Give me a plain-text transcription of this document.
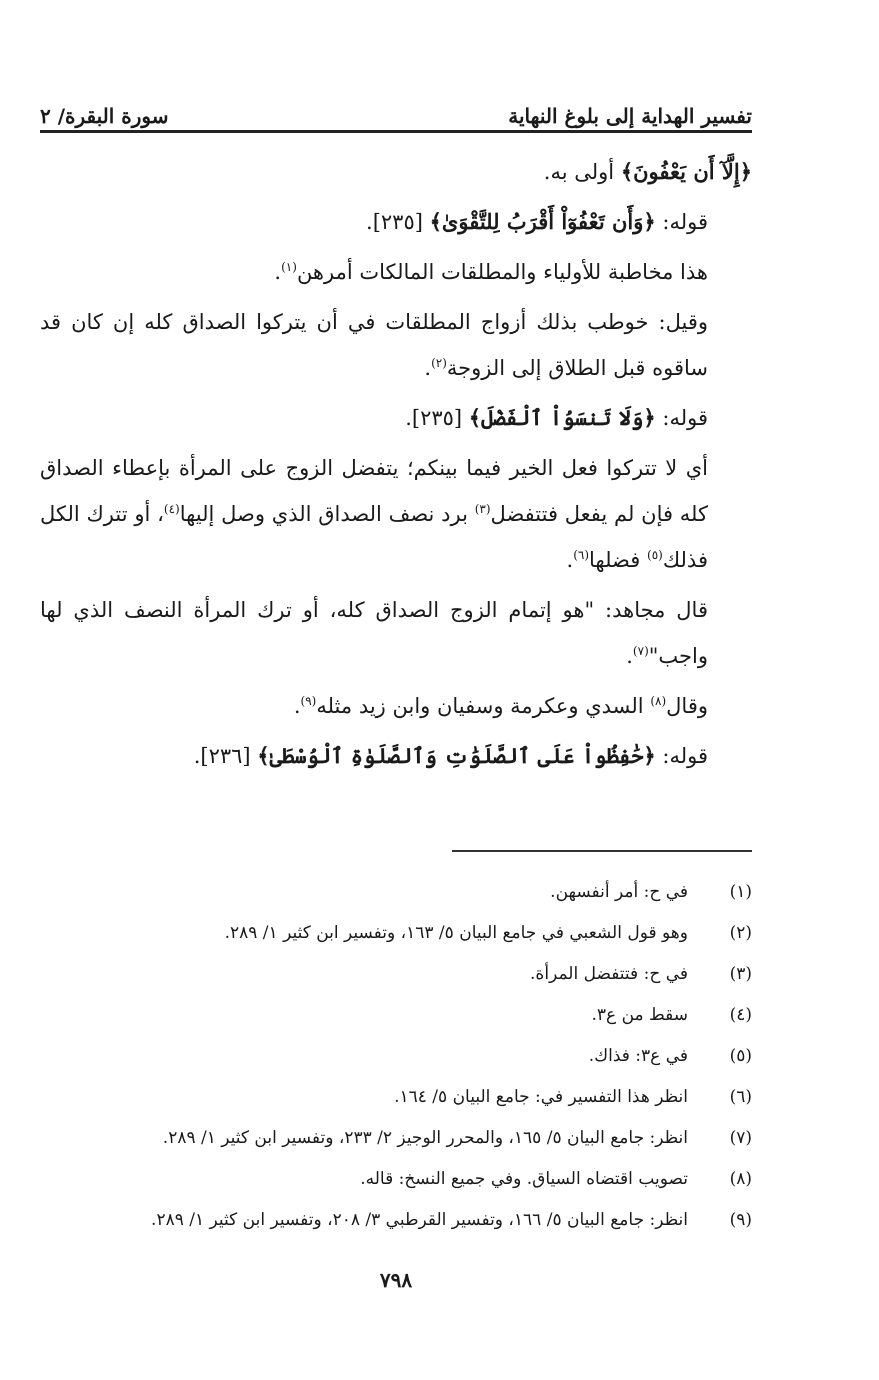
تفسير الهداية إلى بلوغ النهاية
سورة البقرة/ ٢

﴿إِلَّآ أَن يَعْفُونَ﴾ أولى به.

قوله: ﴿وَأَن تَعْفُوٓاْ أَقْرَبُ لِلتَّقْوَىٰ﴾ [٢٣٥].

هذا مخاطبة للأولياء والمطلقات المالكات أمرهن$^{(١)}$.

وقيل: خوطب بذلك أزواج المطلقات في أن يتركوا الصداق كله إن كان قد ساقوه قبل الطلاق إلى الزوجة$^{(٢)}$.

قوله: ﴿وَلَا تَنسَوُاْ ٱلْفَضْلَ﴾ [٢٣٥].

أي لا تتركوا فعل الخير فيما بينكم؛ يتفضل الزوج على المرأة بإعطاء الصداق كله فإن لم يفعل فتتفضل$^{(٣)}$ برد نصف الصداق الذي وصل إليها$^{(٤)}$، أو تترك الكل فذلك$^{(٥)}$ فضلها$^{(٦)}$.

قال مجاهد: "هو إتمام الزوج الصداق كله، أو ترك المرأة النصف الذي لها واجب"$^{(٧)}$.

وقال$^{(٨)}$ السدي وعكرمة وسفيان وابن زيد مثله$^{(٩)}$.

قوله: ﴿حَٰفِظُواْ عَلَى ٱلصَّلَوَٰتِ وَٱلصَّلَوٰةِ ٱلْوُسْطَىٰ﴾ [٢٣٦].

(١)
في ح: أمر أنفسهن.
(٢)
وهو قول الشعبي في جامع البيان ٥/ ١٦٣، وتفسير ابن كثير ١/ ٢٨٩.
(٣)
في ح: فتتفضل المرأة.
(٤)
سقط من ع٣.
(٥)
في ع٣: فذاك.
(٦)
انظر هذا التفسير في: جامع البيان ٥/ ١٦٤.
(٧)
انظر: جامع البيان ٥/ ١٦٥، والمحرر الوجيز ٢/ ٢٣٣، وتفسير ابن كثير ١/ ٢٨٩.
(٨)
تصويب اقتضاه السياق. وفي جميع النسخ: قاله.
(٩)
انظر: جامع البيان ٥/ ١٦٦، وتفسير القرطبي ٣/ ٢٠٨، وتفسير ابن كثير ١/ ٢٨٩.
٧٩٨
